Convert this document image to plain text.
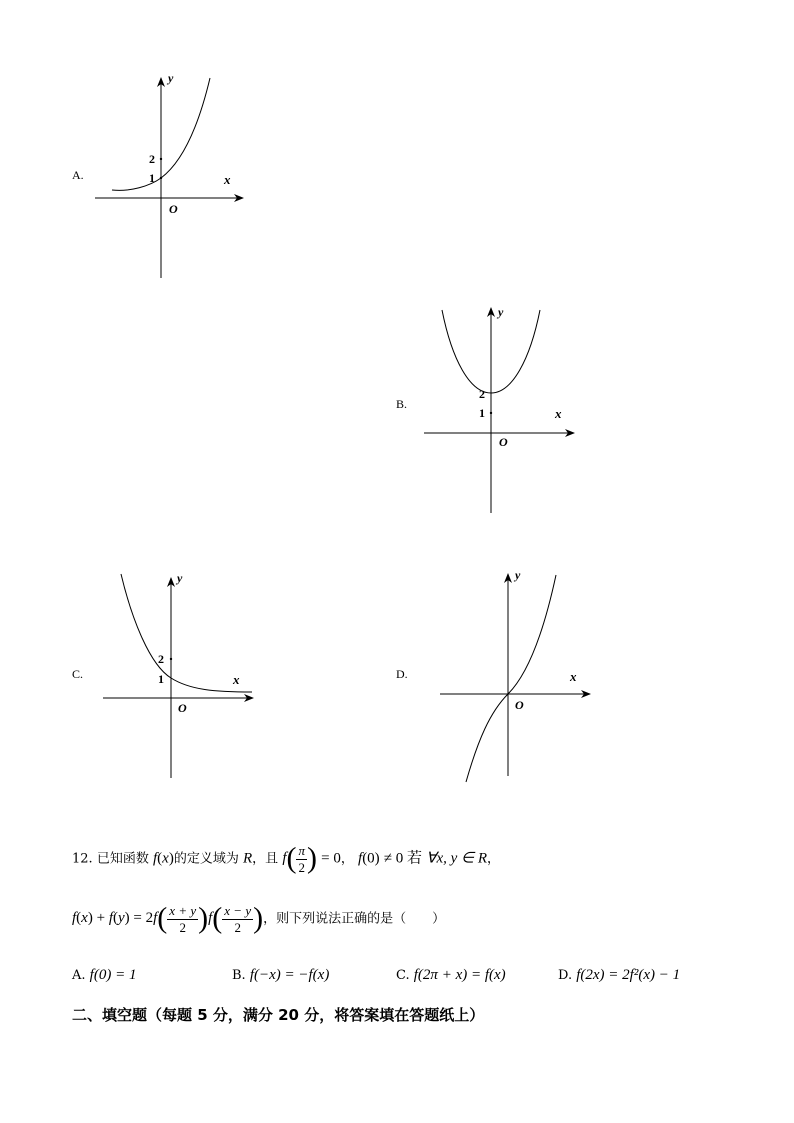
A.
2
1	x
y
O
B.
2
1	x
y
O
C.
2
1	x
y
O
D.	x
y
O
12. 已知函数 f(x)的定义域为 R，且 $f( \frac{\pi}{2}$ ) = 0， f(0) ≠ 0 若 ∀x, y ∈ R，
$f(x) + f(y) = 2f( \frac{x + y}{2} )f( \frac{x - y}{2}$ )，则下列说法正确的是（　　）
A. f(0) = 1	B. f(−x) = −f(x)	C. f(2π + x) = f(x)	D. f(2x) = 2f²(x) − 1
二、填空题（每题 5 分，满分 20 分，将答案填在答题纸上）
